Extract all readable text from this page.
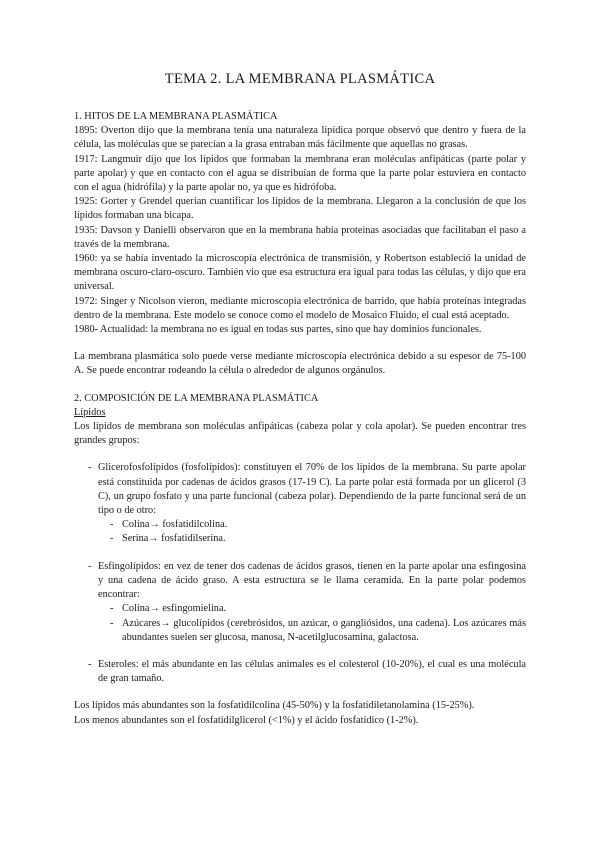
TEMA 2. LA MEMBRANA PLASMÁTICA

1. HITOS DE LA MEMBRANA PLASMÁTICA

1895: Overton dijo que la membrana tenía una naturaleza lipídica porque observó que dentro y fuera de la célula, las moléculas que se parecían a la grasa entraban más fácilmente que aquellas no grasas.

1917: Langmuir dijo que los lípidos que formaban la membrana eran moléculas anfipáticas (parte polar y parte apolar) y que en contacto con el agua se distribuían de forma que la parte polar estuviera en contacto con el agua (hidrófila) y la parte apolar no, ya que es hidrófoba.

1925: Gorter y Grendel querían cuantificar los lípidos de la membrana. Llegaron a la conclusión de que los lípidos formaban una bicapa.

1935: Davson y Danielli observaron que en la membrana había proteínas asociadas que facilitaban el paso a través de la membrana.

1960: ya se había inventado la microscopía electrónica de transmisión, y Robertson estableció la unidad de membrana oscuro-claro-oscuro. También vio que esa estructura era igual para todas las células, y dijo que era universal.

1972: Singer y Nicolson vieron, mediante microscopía electrónica de barrido, que había proteínas integradas dentro de la membrana. Este modelo se conoce como el modelo de Mosaico Fluido, el cual está aceptado.

1980- Actualidad: la membrana no es igual en todas sus partes, sino que hay dominios funcionales.

La membrana plasmática solo puede verse mediante microscopía electrónica debido a su espesor de 75-100 A. Se puede encontrar rodeando la célula o alrededor de algunos orgánulos.

2. COMPOSICIÓN DE LA MEMBRANA PLASMÁTICA

Lípidos

Los lípidos de membrana son moléculas anfipáticas (cabeza polar y cola apolar). Se pueden encontrar tres grandes grupos:

- Glicerofosfolípidos (fosfolípidos): constituyen el 70% de los lípidos de la membrana. Su parte apolar está constituida por cadenas de ácidos grasos (17-19 C). La parte polar está formada por un glicerol (3 C), un grupo fosfato y una parte funcional (cabeza polar). Dependiendo de la parte funcional será de un tipo o de otro:
- Colina→ fosfatidilcolina.
- Serina→ fosfatidilserina.
- Esfingolípidos: en vez de tener dos cadenas de ácidos grasos, tienen en la parte apolar una esfingosina y una cadena de ácido graso. A esta estructura se le llama ceramida. En la parte polar podemos encontrar:
- Colina→ esfingomielina.
- Azúcares→ glucolípidos (cerebrósidos, un azúcar, o gangliósidos, una cadena). Los azúcares más abundantes suelen ser glucosa, manosa, N-acetilglucosamina, galactosa.
- Esteroles: el más abundante en las células animales es el colesterol (10-20%), el cual es una molécula de gran tamaño.

Los lípidos más abundantes son la fosfatidilcolina (45-50%) y la fosfatidiletanolamina (15-25%).

Los menos abundantes son el fosfatidilglicerol (<1%) y el ácido fosfatídico (1-2%).
